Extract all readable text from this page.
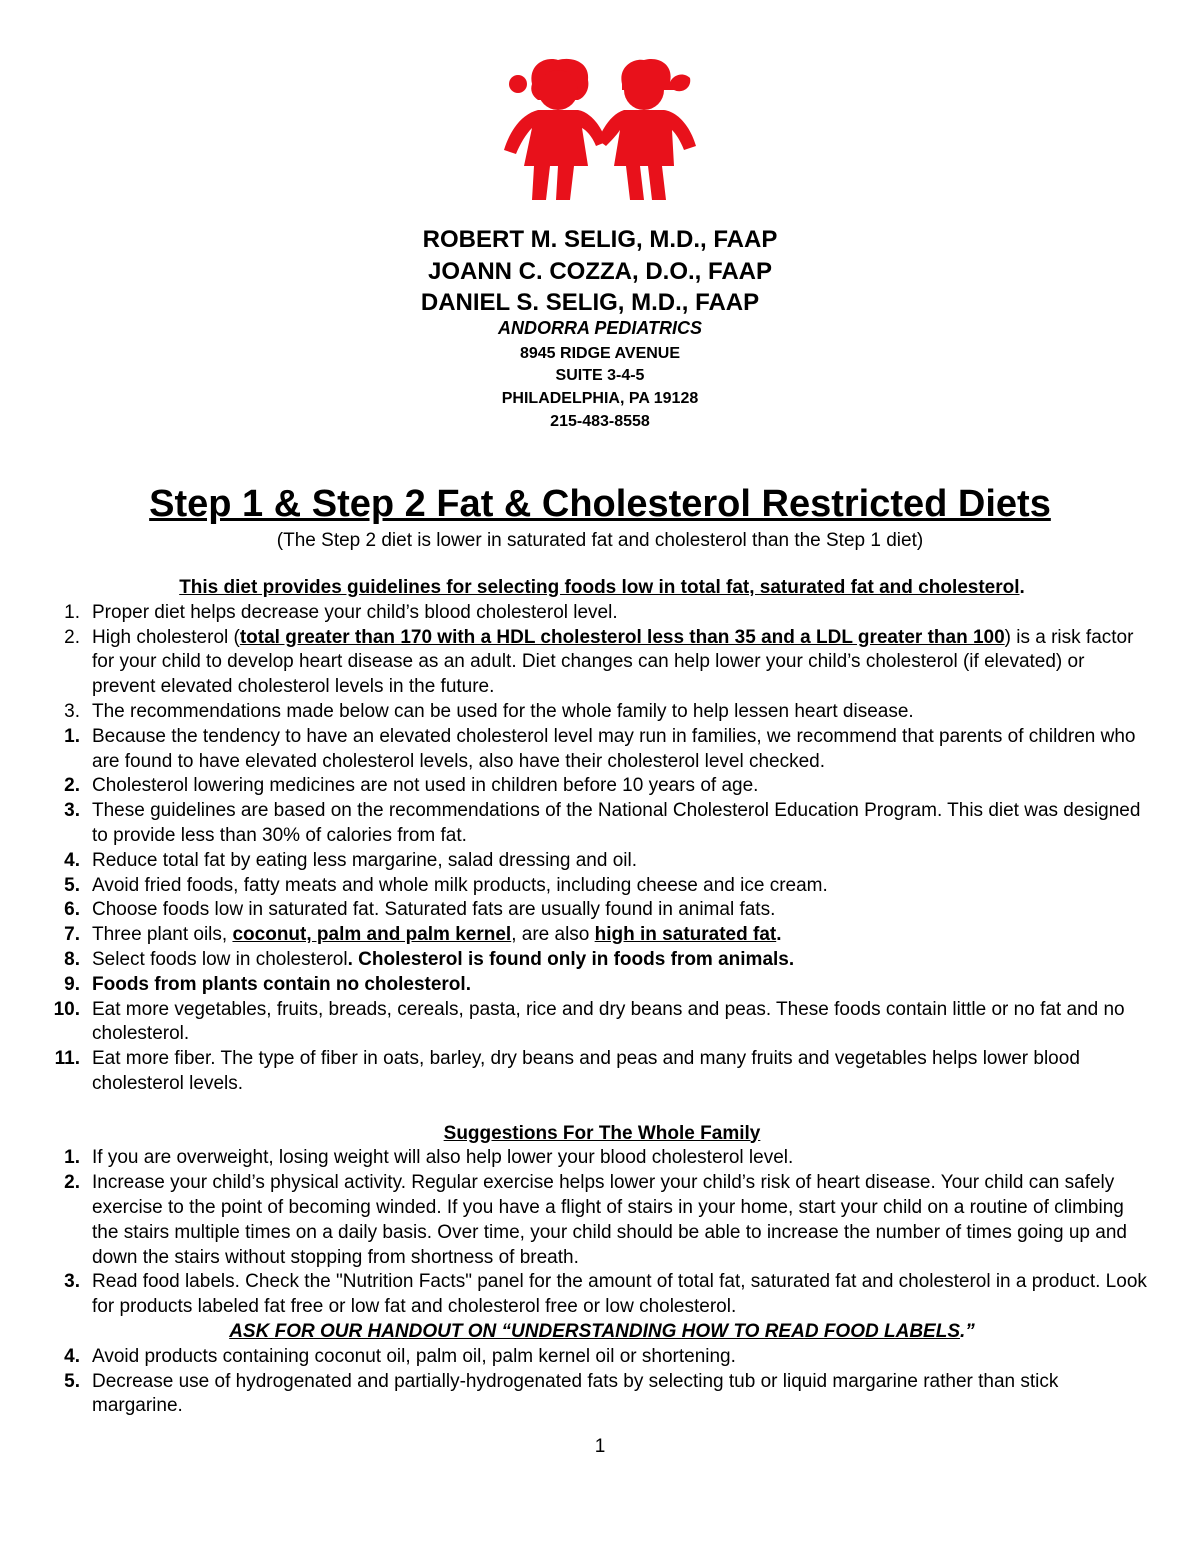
ROBERT M. SELIG, M.D., FAAP
JOANN C. COZZA, D.O., FAAP
DANIEL S. SELIG, M.D., FAAP
ANDORRA PEDIATRICS
8945 RIDGE AVENUE
SUITE 3-4-5
PHILADELPHIA, PA 19128
215-483-8558
Step 1 & Step 2 Fat & Cholesterol Restricted Diets
(The Step 2 diet is lower in saturated fat and cholesterol than the Step 1 diet)
This diet provides guidelines for selecting foods low in total fat, saturated fat and cholesterol.
1. Proper diet helps decrease your child’s blood cholesterol level.
2. High cholesterol (total greater than 170 with a HDL cholesterol less than 35 and a LDL greater than 100) is a risk factor for your child to develop heart disease as an adult. Diet changes can help lower your child’s cholesterol (if elevated) or prevent elevated cholesterol levels in the future.
3. The recommendations made below can be used for the whole family to help lessen heart disease.
1. Because the tendency to have an elevated cholesterol level may run in families, we recommend that parents of children who are found to have elevated cholesterol levels, also have their cholesterol level checked.
2. Cholesterol lowering medicines are not used in children before 10 years of age.
3. These guidelines are based on the recommendations of the National Cholesterol Education Program. This diet was designed to provide less than 30% of calories from fat.
4. Reduce total fat by eating less margarine, salad dressing and oil.
5. Avoid fried foods, fatty meats and whole milk products, including cheese and ice cream.
6. Choose foods low in saturated fat. Saturated fats are usually found in animal fats.
7. Three plant oils, coconut, palm and palm kernel, are also high in saturated fat.
8. Select foods low in cholesterol. Cholesterol is found only in foods from animals.
9. Foods from plants contain no cholesterol.
10. Eat more vegetables, fruits, breads, cereals, pasta, rice and dry beans and peas. These foods contain little or no fat and no cholesterol.
11. Eat more fiber. The type of fiber in oats, barley, dry beans and peas and many fruits and vegetables helps lower blood cholesterol levels.
Suggestions For The Whole Family
1. If you are overweight, losing weight will also help lower your blood cholesterol level.
2. Increase your child’s physical activity. Regular exercise helps lower your child’s risk of heart disease. Your child can safely exercise to the point of becoming winded. If you have a flight of stairs in your home, start your child on a routine of climbing the stairs multiple times on a daily basis. Over time, your child should be able to increase the number of times going up and down the stairs without stopping from shortness of breath.
3. Read food labels. Check the "Nutrition Facts" panel for the amount of total fat, saturated fat and cholesterol in a product. Look for products labeled fat free or low fat and cholesterol free or low cholesterol.
ASK FOR OUR HANDOUT ON “UNDERSTANDING HOW TO READ FOOD LABELS.”
4. Avoid products containing coconut oil, palm oil, palm kernel oil or shortening.
5. Decrease use of hydrogenated and partially-hydrogenated fats by selecting tub or liquid margarine rather than stick margarine.
1
